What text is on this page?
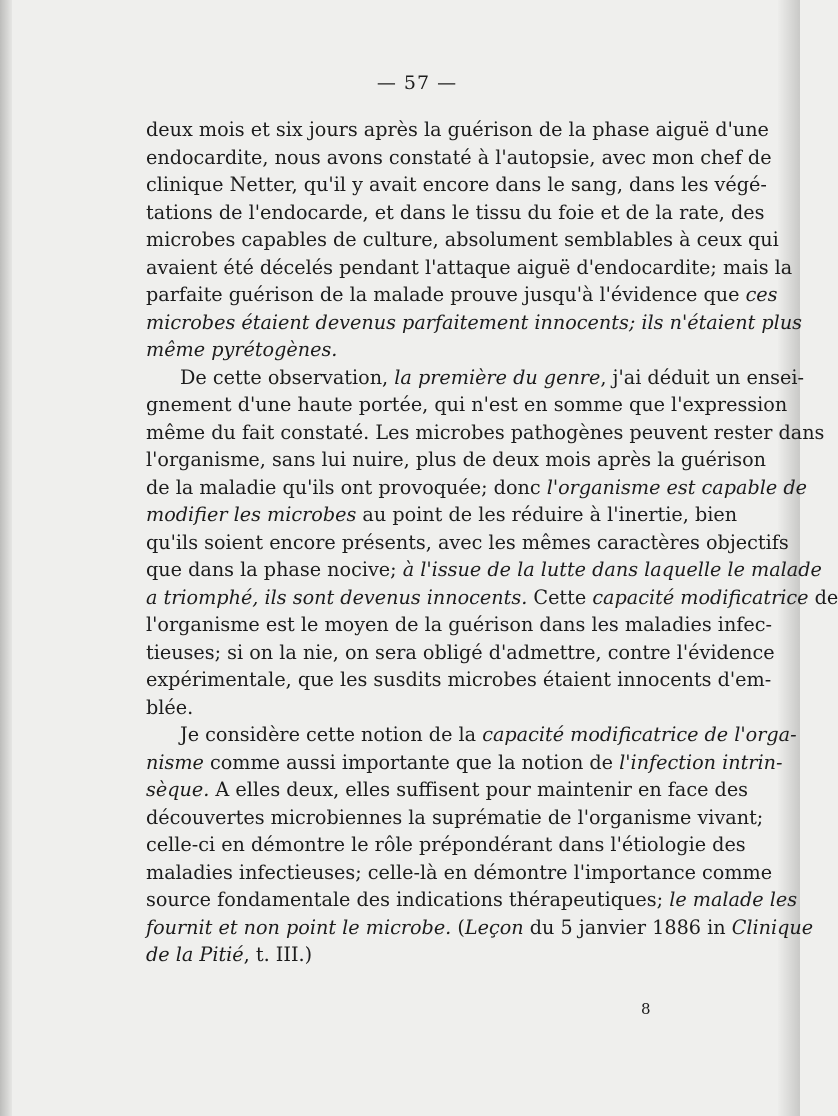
— 57 —
deux mois et six jours après la guérison de la phase aiguë d'une
endocardite, nous avons constaté à l'autopsie, avec mon chef de
clinique Netter, qu'il y avait encore dans le sang, dans les végé-
tations de l'endocarde, et dans le tissu du foie et de la rate, des
microbes capables de culture, absolument semblables à ceux qui
avaient été décelés pendant l'attaque aiguë d'endocardite; mais la
parfaite guérison de la malade prouve jusqu'à l'évidence que ces
microbes étaient devenus parfaitement innocents; ils n'étaient plus
même pyrétogènes.
De cette observation, la première du genre, j'ai déduit un ensei-
gnement d'une haute portée, qui n'est en somme que l'expression
même du fait constaté. Les microbes pathogènes peuvent rester dans
l'organisme, sans lui nuire, plus de deux mois après la guérison
de la maladie qu'ils ont provoquée; donc l'organisme est capable de
modifier les microbes au point de les réduire à l'inertie, bien
qu'ils soient encore présents, avec les mêmes caractères objectifs
que dans la phase nocive; à l'issue de la lutte dans laquelle le malade
a triomphé, ils sont devenus innocents. Cette capacité modificatrice de
l'organisme est le moyen de la guérison dans les maladies infec-
tieuses; si on la nie, on sera obligé d'admettre, contre l'évidence
expérimentale, que les susdits microbes étaient innocents d'em-
blée.
Je considère cette notion de la capacité modificatrice de l'orga-
nisme comme aussi importante que la notion de l'infection intrin-
sèque. A elles deux, elles suffisent pour maintenir en face des
découvertes microbiennes la suprématie de l'organisme vivant;
celle-ci en démontre le rôle prépondérant dans l'étiologie des
maladies infectieuses; celle-là en démontre l'importance comme
source fondamentale des indications thérapeutiques; le malade les
fournit et non point le microbe. (Leçon du 5 janvier 1886 in Clinique
de la Pitié, t. III.)
8
